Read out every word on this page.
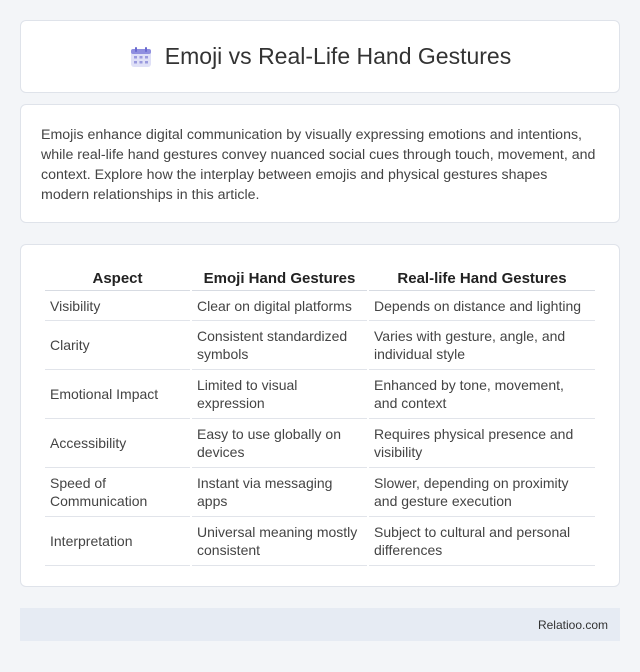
Emoji vs Real-Life Hand Gestures

Emojis enhance digital communication by visually expressing emotions and intentions, while real-life hand gestures convey nuanced social cues through touch, movement, and context. Explore how the interplay between emojis and physical gestures shapes modern relationships in this article.

Aspect	Emoji Hand Gestures	Real-life Hand Gestures
Visibility	Clear on digital platforms	Depends on distance and lighting
Clarity	Consistent standardized symbols	Varies with gesture, angle, and individual style
Emotional Impact	Limited to visual expression	Enhanced by tone, movement, and context
Accessibility	Easy to use globally on devices	Requires physical presence and visibility
Speed of Communication	Instant via messaging apps	Slower, depending on proximity and gesture execution
Interpretation	Universal meaning mostly consistent	Subject to cultural and personal differences
Relatioo.com
